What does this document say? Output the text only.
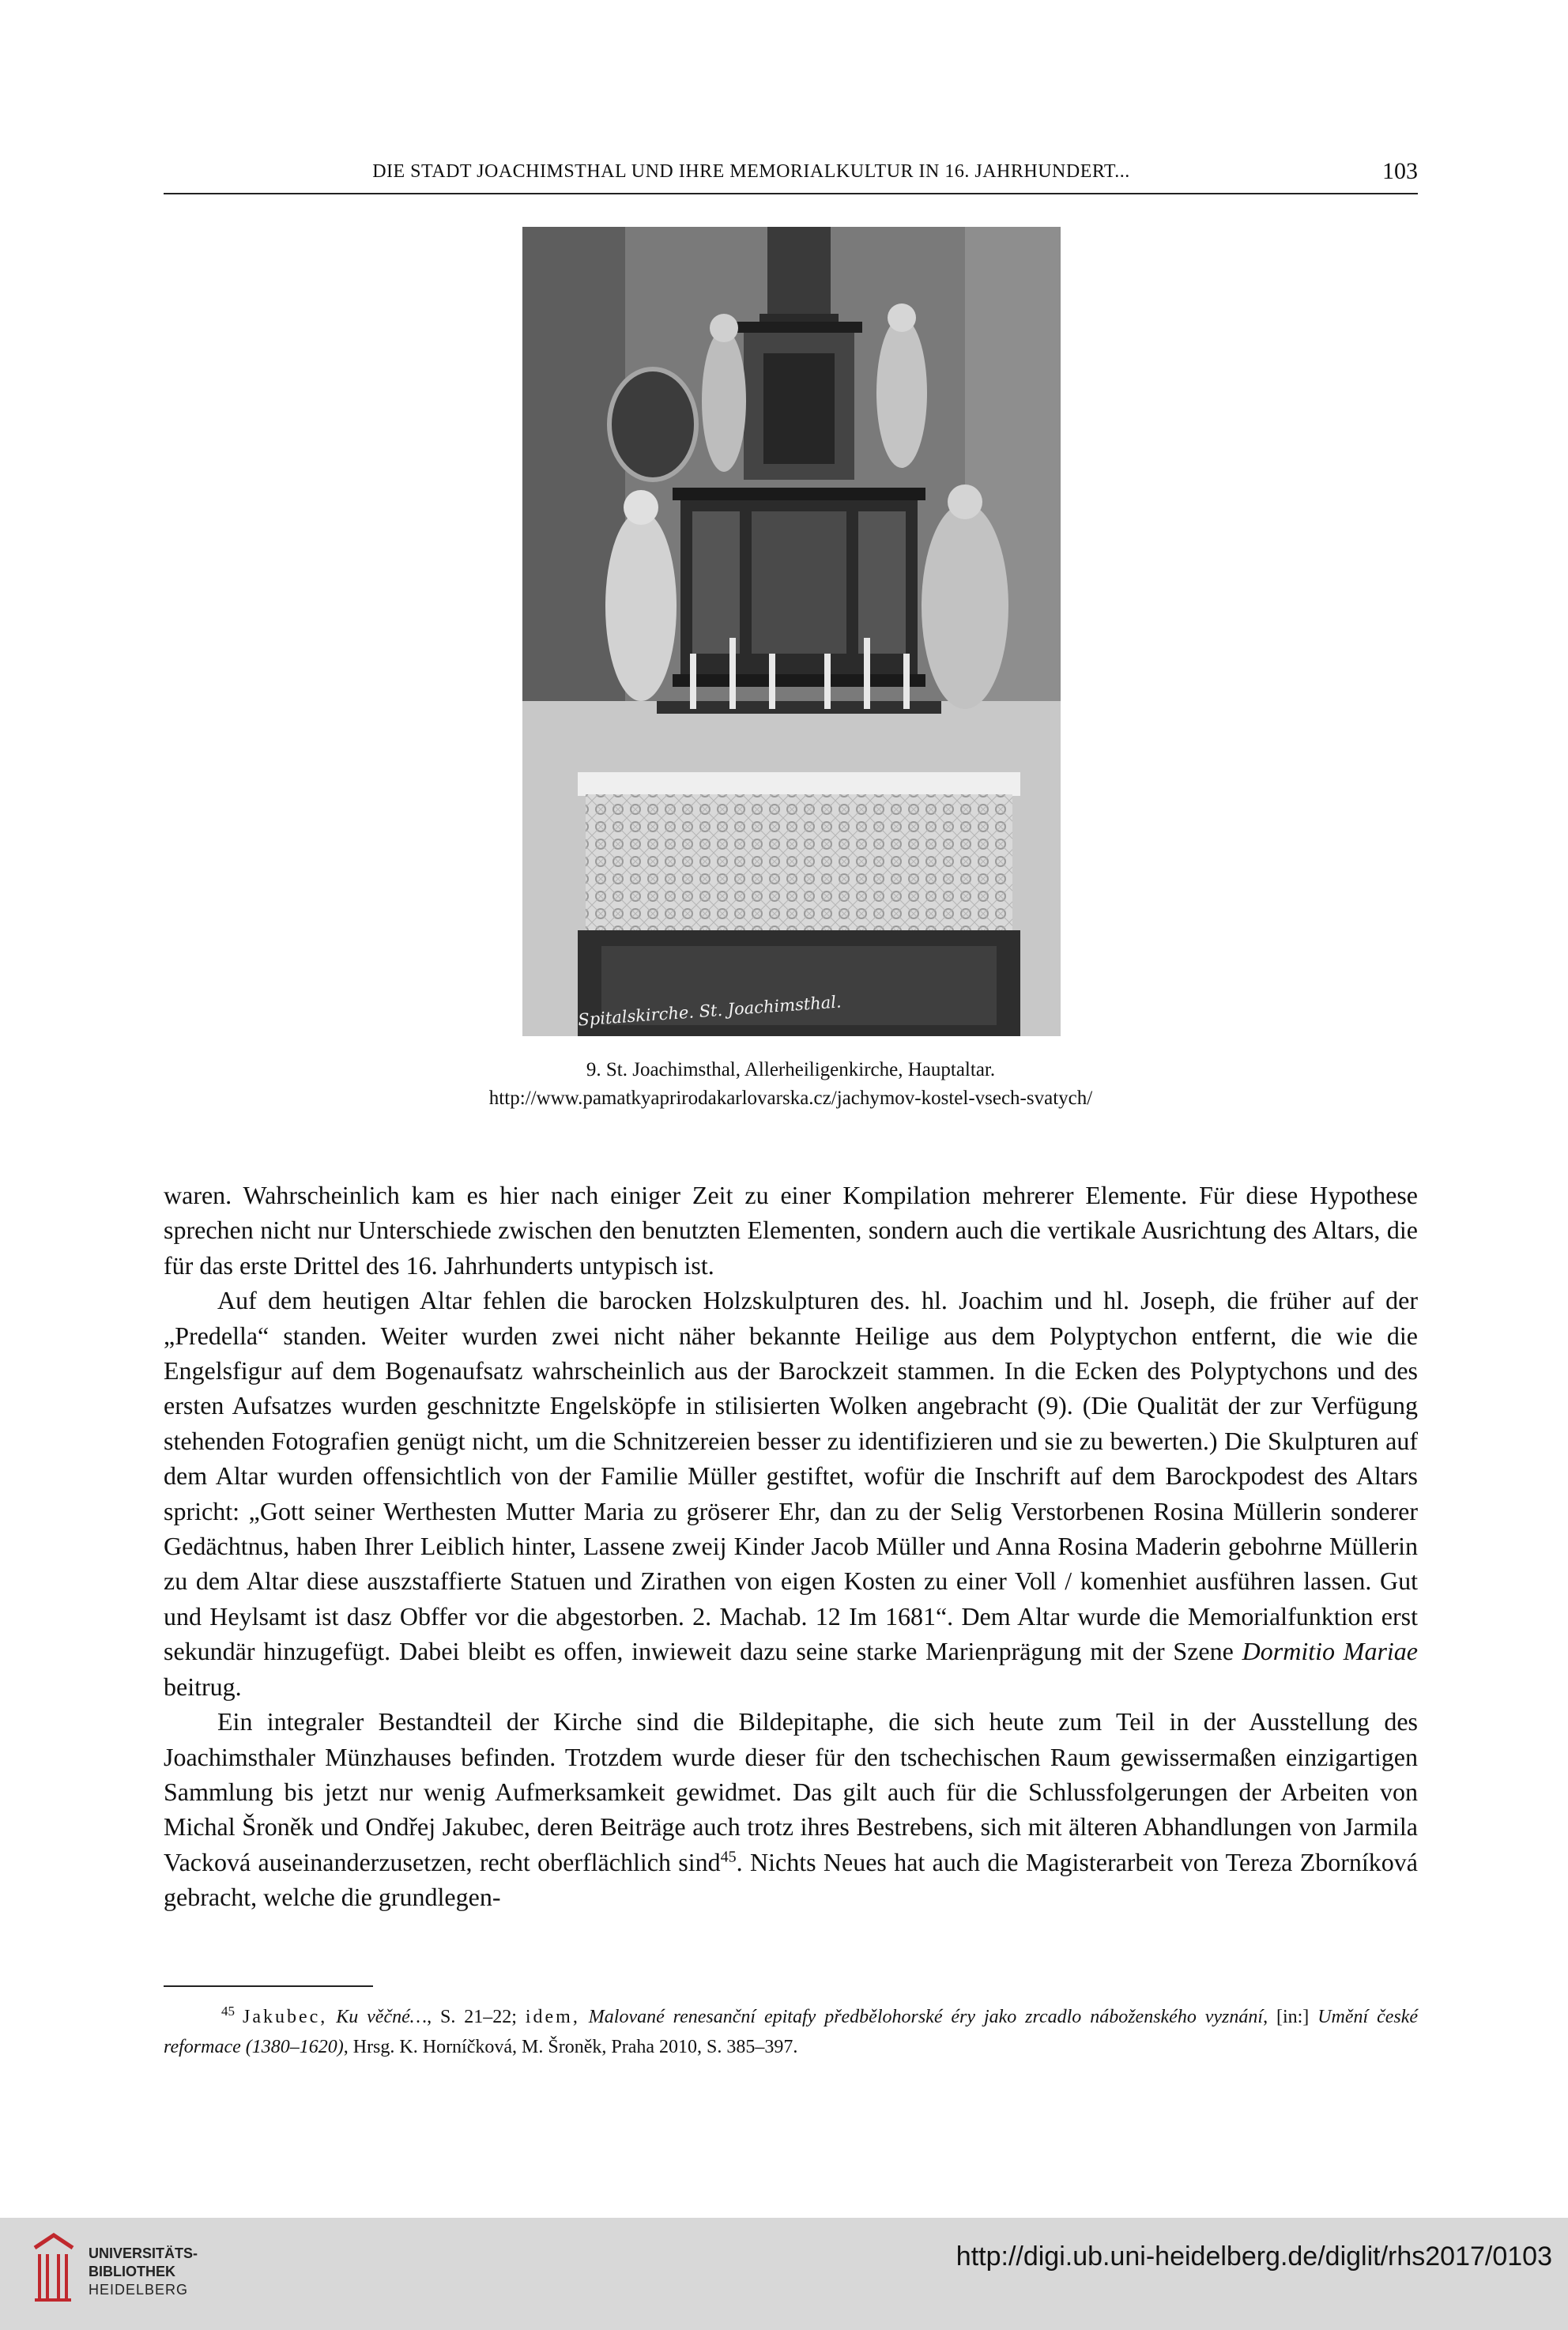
DIE STADT JOACHIMSTHAL UND IHRE MEMORIALKULTUR IN 16. JAHRHUNDERT...	103
Spitalskirche. St. Joachimsthal.
9. St. Joachimsthal, Allerheiligenkirche, Hauptaltar.
http://www.pamatkyaprirodakarlovarska.cz/jachymov-kostel-vsech-svatych/

waren. Wahrscheinlich kam es hier nach einiger Zeit zu einer Kompilation mehrerer Elemente. Für diese Hypothese sprechen nicht nur Unterschiede zwischen den benutzten Elementen, sondern auch die vertikale Ausrichtung des Altars, die für das erste Drittel des 16. Jahrhunderts untypisch ist.

Auf dem heutigen Altar fehlen die barocken Holzskulpturen des. hl. Joachim und hl. Joseph, die früher auf der „Predella“ standen. Weiter wurden zwei nicht näher bekannte Heilige aus dem Polyptychon entfernt, die wie die Engelsfigur auf dem Bogenaufsatz wahrscheinlich aus der Barockzeit stammen. In die Ecken des Polyptychons und des ersten Aufsatzes wurden geschnitzte Engelsköpfe in stilisierten Wolken angebracht (9). (Die Qualität der zur Verfügung stehenden Fotografien genügt nicht, um die Schnitzereien besser zu identifizieren und sie zu bewerten.) Die Skulpturen auf dem Altar wurden offensichtlich von der Familie Müller gestiftet, wofür die Inschrift auf dem Barockpodest des Altars spricht: „Gott seiner Werthesten Mutter Maria zu gröserer Ehr, dan zu der Selig Verstorbenen Rosina Müllerin sonderer Gedächtnus, haben Ihrer Leiblich hinter, Lassene zweij Kinder Jacob Müller und Anna Rosina Maderin gebohrne Müllerin zu dem Altar diese auszstaffierte Statuen und Zirathen von eigen Kosten zu einer Voll / komenhiet ausführen lassen. Gut und Heylsamt ist dasz Obffer vor die abgestorben. 2. Machab. 12 Im 1681“. Dem Altar wurde die Memorialfunktion erst sekundär hinzugefügt. Dabei bleibt es offen, inwieweit dazu seine starke Marienprägung mit der Szene Dormitio Mariae beitrug.

Ein integraler Bestandteil der Kirche sind die Bildepitaphe, die sich heute zum Teil in der Ausstellung des Joachimsthaler Münzhauses befinden. Trotzdem wurde dieser für den tschechischen Raum gewissermaßen einzigartigen Sammlung bis jetzt nur wenig Aufmerksamkeit gewidmet. Das gilt auch für die Schlussfolgerungen der Arbeiten von Michal Šroněk und Ondřej Jakubec, deren Beiträge auch trotz ihres Bestrebens, sich mit älteren Abhandlungen von Jarmila Vacková auseinanderzusetzen, recht oberflächlich sind$^{45}$. Nichts Neues hat auch die Magisterarbeit von Tereza Zborníková gebracht, welche die grundlegen-

$^{45}$ Jakubec, Ku věčné…, S. 21–22; idem, Malované renesanční epitafy předbělohorské éry jako zrcadlo náboženského vyznání, [in:] Umění české reformace (1380–1620), Hrsg. K. Horníčková, M. Šroněk, Praha 2010, S. 385–397.
UNIVERSITÄTS-
BIBLIOTHEK
HEIDELBERG
http://digi.ub.uni-heidelberg.de/diglit/rhs2017/0103
